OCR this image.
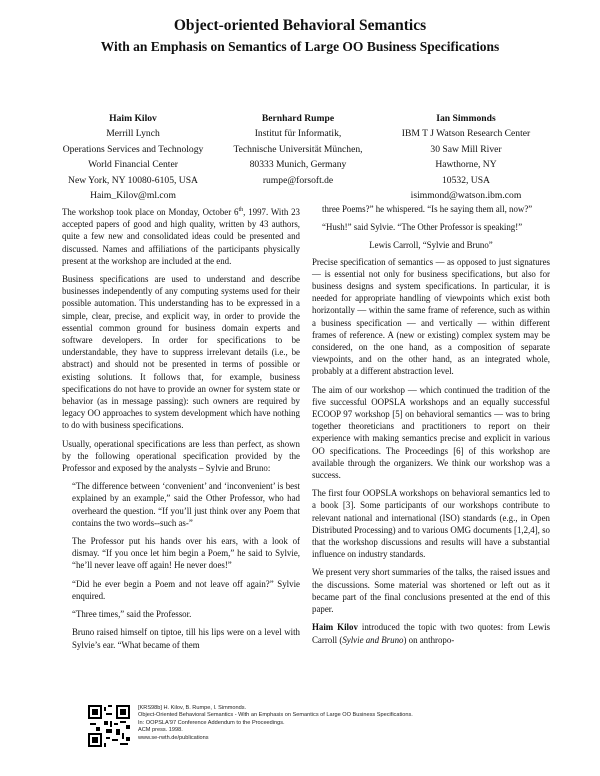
Object-oriented Behavioral Semantics
With an Emphasis on Semantics of Large OO Business Specifications
Haim Kilov
Merrill Lynch
Operations Services and Technology
World Financial Center
New York, NY 10080-6105, USA
Haim_Kilov@ml.com
Bernhard Rumpe
Institut für Informatik,
Technische Universität München,
80333 Munich, Germany
rumpe@forsoft.de
Ian Simmonds
IBM T J Watson Research Center
30 Saw Mill River
Hawthorne, NY
10532, USA
isimmond@watson.ibm.com

The workshop took place on Monday, October 6th, 1997. With 23 accepted papers of good and high quality, written by 43 authors, quite a few new and consolidated ideas could be presented and discussed. Names and affiliations of the participants physically present at the workshop are included at the end.

Business specifications are used to understand and describe businesses independently of any computing systems used for their possible automation. This understanding has to be expressed in a simple, clear, precise, and explicit way, in order to provide the essential common ground for business domain experts and software developers. In order for specifications to be understandable, they have to suppress irrelevant details (i.e., be abstract) and should not be presented in terms of possible or existing solutions. It follows that, for example, business specifications do not have to provide an owner for system state or behavior (as in message passing): such owners are required by legacy OO approaches to system development which have nothing to do with business specifications.

Usually, operational specifications are less than perfect, as shown by the following operational specification provided by the Professor and exposed by the analysts – Sylvie and Bruno:

“The difference between ‘convenient’ and ‘inconvenient’ is best explained by an example,” said the Other Professor, who had overheard the question. “If you’ll just think over any Poem that contains the two words--such as-”

The Professor put his hands over his ears, with a look of dismay. “If you once let him begin a Poem,” he said to Sylvie, “he’ll never leave off again! He never does!”

“Did he ever begin a Poem and not leave off again?” Sylvie enquired.

“Three times,” said the Professor.

Bruno raised himself on tiptoe, till his lips were on a level with Sylvie’s ear. “What became of them

three Poems?” he whispered. “Is he saying them all, now?”

“Hush!” said Sylvie. “The Other Professor is speaking!”

Lewis Carroll, “Sylvie and Bruno”

Precise specification of semantics — as opposed to just signatures — is essential not only for business specifications, but also for business designs and system specifications. In particular, it is needed for appropriate handling of viewpoints which exist both horizontally — within the same frame of reference, such as within a business specification — and vertically — within different frames of reference. A (new or existing) complex system may be considered, on the one hand, as a composition of separate viewpoints, and on the other hand, as an integrated whole, probably at a different abstraction level.

The aim of our workshop — which continued the tradition of the five successful OOPSLA workshops and an equally successful ECOOP 97 workshop [5] on behavioral semantics — was to bring together theoreticians and practitioners to report on their experience with making semantics precise and explicit in various OO specifications. The Proceedings [6] of this workshop are available through the organizers. We think our workshop was a success.

The first four OOPSLA workshops on behavioral semantics led to a book [3]. Some participants of our workshops contribute to relevant national and international (ISO) standards (e.g., in Open Distributed Processing) and to various OMG documents [1,2,4], so that the workshop discussions and results will have a substantial influence on industry standards.

We present very short summaries of the talks, the raised issues and the discussions. Some material was shortened or left out as it became part of the final conclusions presented at the end of this paper.

Haim Kilov introduced the topic with two quotes: from Lewis Carroll (Sylvie and Bruno) on anthropo-

[KRS98b] H. Kilov, B. Rumpe, I. Simmonds.
Object-Oriented Behavioral Semantics - With an Emphasis on Semantics of Large OO Business Specifications.
In: OOPSLA'97 Conference Addendum to the Proceedings.
ACM press. 1998.
www.se-rwth.de/publications
